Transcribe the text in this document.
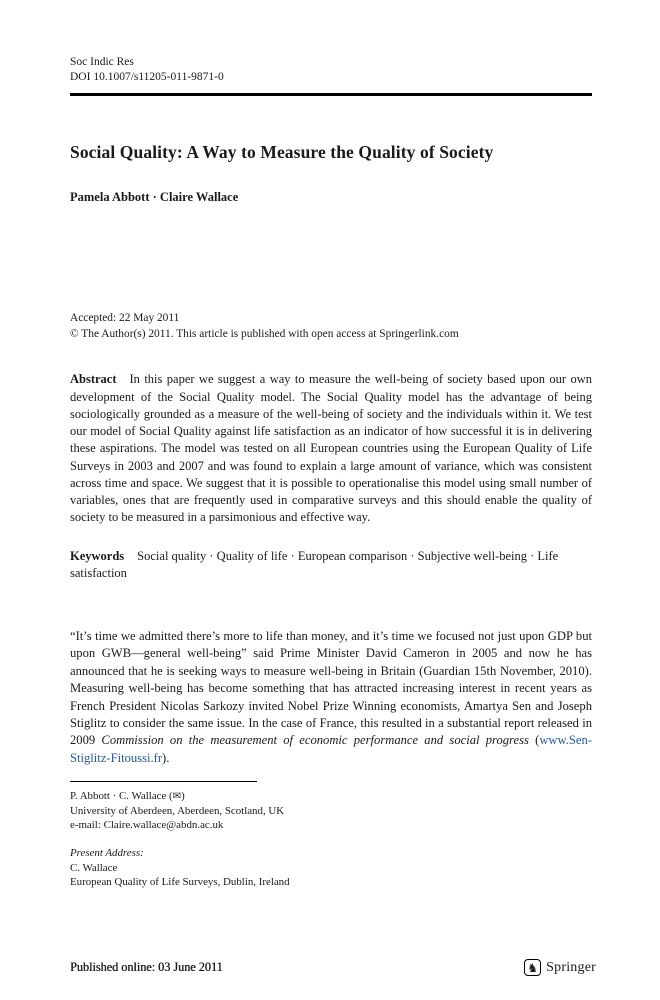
Soc Indic Res
DOI 10.1007/s11205-011-9871-0
Social Quality: A Way to Measure the Quality of Society
Pamela Abbott · Claire Wallace
Accepted: 22 May 2011
© The Author(s) 2011. This article is published with open access at Springerlink.com

Abstract In this paper we suggest a way to measure the well-being of society based upon our own development of the Social Quality model. The Social Quality model has the advantage of being sociologically grounded as a measure of the well-being of society and the individuals within it. We test our model of Social Quality against life satisfaction as an indicator of how successful it is in delivering these aspirations. The model was tested on all European countries using the European Quality of Life Surveys in 2003 and 2007 and was found to explain a large amount of variance, which was consistent across time and space. We suggest that it is possible to operationalise this model using small number of variables, ones that are frequently used in comparative surveys and this should enable the quality of society to be measured in a parsimonious and effective way.

Keywords Social quality · Quality of life · European comparison · Subjective well-being · Life satisfaction

“It’s time we admitted there’s more to life than money, and it’s time we focused not just upon GDP but upon GWB—general well-being” said Prime Minister David Cameron in 2005 and now he has announced that he is seeking ways to measure well-being in Britain (Guardian 15th November, 2010). Measuring well-being has become something that has attracted increasing interest in recent years as French President Nicolas Sarkozy invited Nobel Prize Winning economists, Amartya Sen and Joseph Stiglitz to consider the same issue. In the case of France, this resulted in a substantial report released in 2009 Commission on the measurement of economic performance and social progress (www.Sen-Stiglitz-Fitoussi.fr).

P. Abbott · C. Wallace (✉)
University of Aberdeen, Aberdeen, Scotland, UK
e-mail: Claire.wallace@abdn.ac.uk
Present Address:
C. Wallace
European Quality of Life Surveys, Dublin, Ireland
Published online: 03 June 2011	♞ Springer
